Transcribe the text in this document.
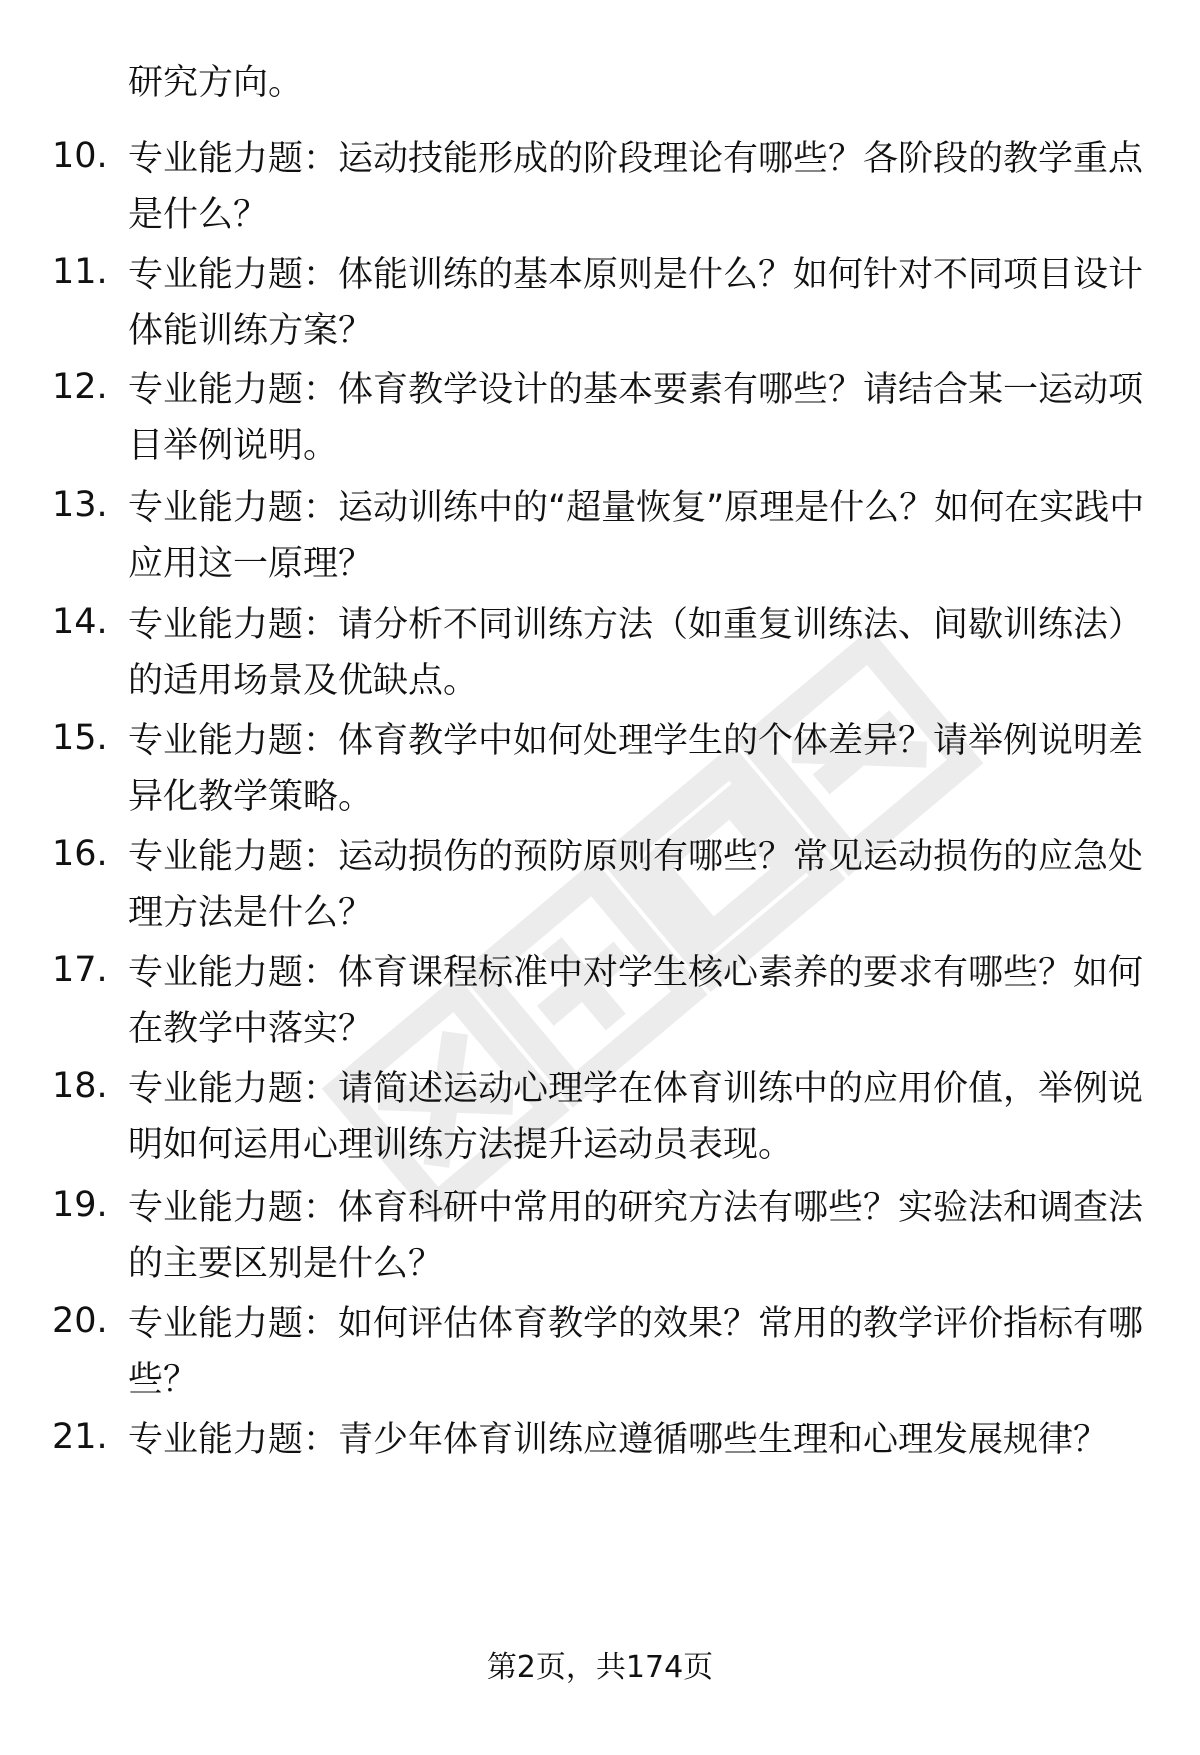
研究方向。

10. 专业能力题：运动技能形成的阶段理论有哪些？各阶段的教学重点是什么？

11. 专业能力题：体能训练的基本原则是什么？如何针对不同项目设计体能训练方案？

12. 专业能力题：体育教学设计的基本要素有哪些？请结合某一运动项目举例说明。

13. 专业能力题：运动训练中的“超量恢复”原理是什么？如何在实践中应用这一原理？

14. 专业能力题：请分析不同训练方法（如重复训练法、间歇训练法）的适用场景及优缺点。

15. 专业能力题：体育教学中如何处理学生的个体差异？请举例说明差异化教学策略。

16. 专业能力题：运动损伤的预防原则有哪些？常见运动损伤的应急处理方法是什么？

17. 专业能力题：体育课程标准中对学生核心素养的要求有哪些？如何在教学中落实？

18. 专业能力题：请简述运动心理学在体育训练中的应用价值，举例说明如何运用心理训练方法提升运动员表现。

19. 专业能力题：体育科研中常用的研究方法有哪些？实验法和调查法的主要区别是什么？

20. 专业能力题：如何评估体育教学的效果？常用的教学评价指标有哪些？

21. 专业能力题：青少年体育训练应遵循哪些生理和心理发展规律？

第2页，共174页
